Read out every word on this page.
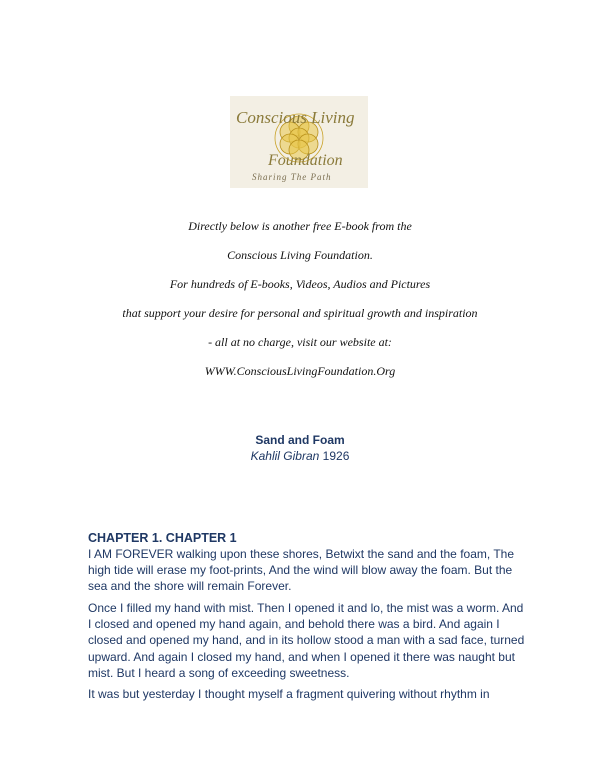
Conscious Living
Foundation
Sharing The Path
Directly below is another free E-book from the
Conscious Living Foundation.
For hundreds of E-books, Videos, Audios and Pictures
that support your desire for personal and spiritual growth and inspiration
- all at no charge, visit our website at:
WWW.ConsciousLivingFoundation.Org
Sand and Foam
Kahlil Gibran 1926
CHAPTER 1. CHAPTER 1

I AM FOREVER walking upon these shores, Betwixt the sand and the foam, The high tide will erase my foot-prints, And the wind will blow away the foam. But the sea and the shore will remain Forever.

Once I filled my hand with mist. Then I opened it and lo, the mist was a worm. And I closed and opened my hand again, and behold there was a bird. And again I closed and opened my hand, and in its hollow stood a man with a sad face, turned upward. And again I closed my hand, and when I opened it there was naught but mist. But I heard a song of exceeding sweetness.

It was but yesterday I thought myself a fragment quivering without rhythm in
